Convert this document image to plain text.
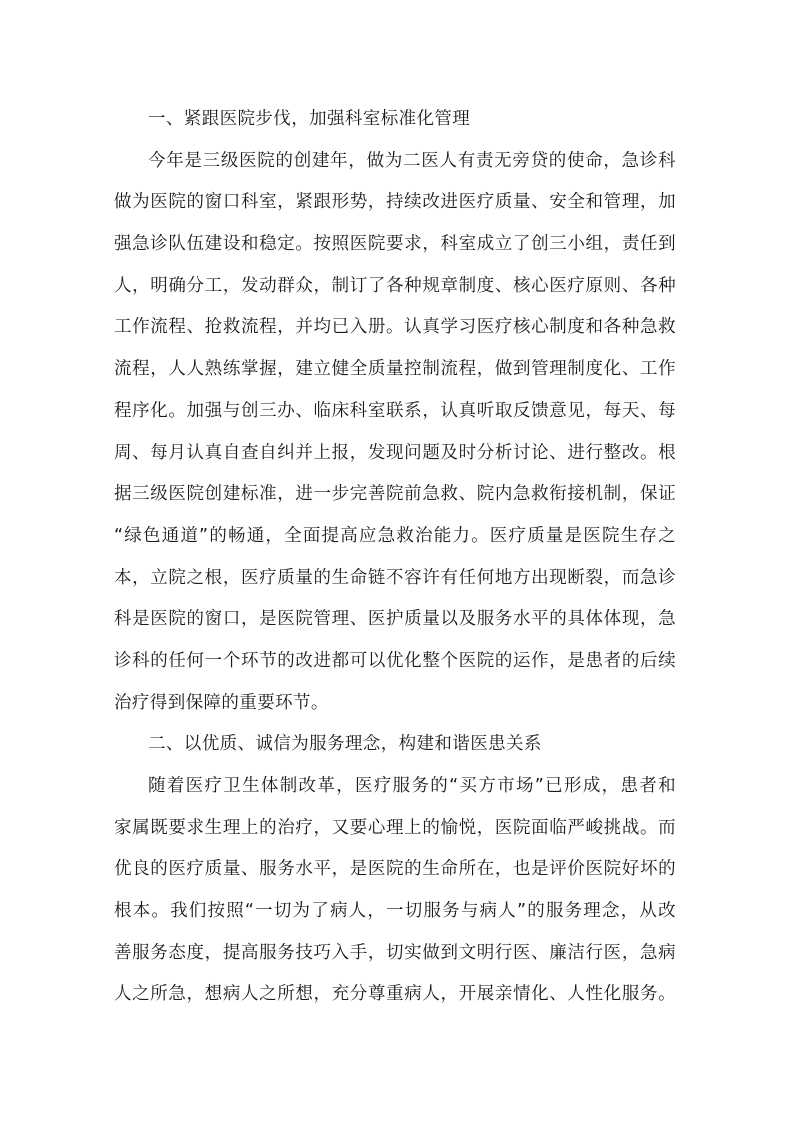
一、紧跟医院步伐，加强科室标准化管理
今年是三级医院的创建年，做为二医人有责无旁贷的使命，急诊科
做为医院的窗口科室，紧跟形势，持续改进医疗质量、安全和管理，加
强急诊队伍建设和稳定。按照医院要求，科室成立了创三小组，责任到
人，明确分工，发动群众，制订了各种规章制度、核心医疗原则、各种
工作流程、抢救流程，并均已入册。认真学习医疗核心制度和各种急救
流程，人人熟练掌握，建立健全质量控制流程，做到管理制度化、工作
程序化。加强与创三办、临床科室联系，认真听取反馈意见，每天、每
周、每月认真自查自纠并上报，发现问题及时分析讨论、进行整改。根
据三级医院创建标准，进一步完善院前急救、院内急救衔接机制，保证
“绿色通道”的畅通，全面提高应急救治能力。医疗质量是医院生存之
本，立院之根，医疗质量的生命链不容许有任何地方出现断裂，而急诊
科是医院的窗口，是医院管理、医护质量以及服务水平的具体体现，急
诊科的任何一个环节的改进都可以优化整个医院的运作，是患者的后续
治疗得到保障的重要环节。
二、以优质、诚信为服务理念，构建和谐医患关系
随着医疗卫生体制改革，医疗服务的“买方市场”已形成，患者和
家属既要求生理上的治疗，又要心理上的愉悦，医院面临严峻挑战。而
优良的医疗质量、服务水平，是医院的生命所在，也是评价医院好坏的
根本。我们按照“一切为了病人，一切服务与病人”的服务理念，从改
善服务态度，提高服务技巧入手，切实做到文明行医、廉洁行医，急病
人之所急，想病人之所想，充分尊重病人，开展亲情化、人性化服务。
